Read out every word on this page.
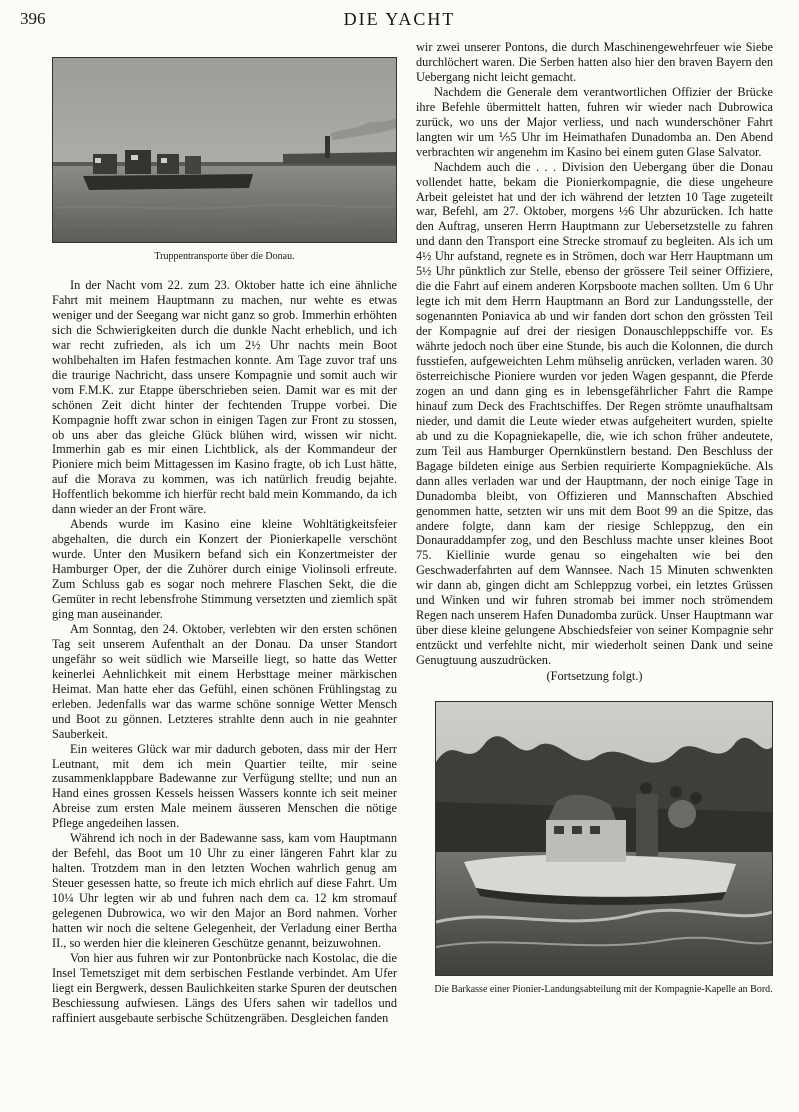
396	DIE YACHT
Truppentransporte über die Donau.

In der Nacht vom 22. zum 23. Oktober hatte ich eine ähnliche Fahrt mit meinem Hauptmann zu machen, nur wehte es etwas weniger und der Seegang war nicht ganz so grob. Immerhin erhöhten sich die Schwierigkeiten durch die dunkle Nacht erheblich, und ich war recht zufrieden, als ich um 2½ Uhr nachts mein Boot wohlbehalten im Hafen festmachen konnte. Am Tage zuvor traf uns die traurige Nachricht, dass unsere Kompagnie und somit auch wir vom F.M.K. zur Etappe überschrieben seien. Damit war es mit der schönen Zeit dicht hinter der fechtenden Truppe vorbei. Die Kompagnie hofft zwar schon in einigen Tagen zur Front zu stossen, ob uns aber das gleiche Glück blühen wird, wissen wir nicht. Immerhin gab es mir einen Lichtblick, als der Kommandeur der Pioniere mich beim Mittagessen im Kasino fragte, ob ich Lust hätte, auf die Morava zu kommen, was ich natürlich freudig bejahte. Hoffentlich bekomme ich hierfür recht bald mein Kommando, da ich dann wieder an der Front wäre.

Abends wurde im Kasino eine kleine Wohltätigkeitsfeier abgehalten, die durch ein Konzert der Pionierkapelle verschönt wurde. Unter den Musikern befand sich ein Konzertmeister der Hamburger Oper, der die Zuhörer durch einige Violinsoli erfreute. Zum Schluss gab es sogar noch mehrere Flaschen Sekt, die die Gemüter in recht lebensfrohe Stimmung versetzten und ziemlich spät ging man auseinander.

Am Sonntag, den 24. Oktober, verlebten wir den ersten schönen Tag seit unserem Aufenthalt an der Donau. Da unser Standort ungefähr so weit südlich wie Marseille liegt, so hatte das Wetter keinerlei Aehnlichkeit mit einem Herbsttage meiner märkischen Heimat. Man hatte eher das Gefühl, einen schönen Frühlingstag zu erleben. Jedenfalls war das warme schöne sonnige Wetter Mensch und Boot zu gönnen. Letzteres strahlte denn auch in nie geahnter Sauberkeit.

Ein weiteres Glück war mir dadurch geboten, dass mir der Herr Leutnant, mit dem ich mein Quartier teilte, mir seine zusammenklappbare Badewanne zur Verfügung stellte; und nun an Hand eines grossen Kessels heissen Wassers konnte ich seit meiner Abreise zum ersten Male meinem äusseren Menschen die nötige Pflege angedeihen lassen.

Während ich noch in der Badewanne sass, kam vom Hauptmann der Befehl, das Boot um 10 Uhr zu einer längeren Fahrt klar zu halten. Trotzdem man in den letzten Wochen wahrlich genug am Steuer gesessen hatte, so freute ich mich ehrlich auf diese Fahrt. Um 10¼ Uhr legten wir ab und fuhren nach dem ca. 12 km stromauf gelegenen Dubrowica, wo wir den Major an Bord nahmen. Vorher hatten wir noch die seltene Gelegenheit, der Verladung einer Bertha II., so werden hier die kleineren Geschütze genannt, beizuwohnen.

Von hier aus fuhren wir zur Pontonbrücke nach Kostolac, die die Insel Temetsziget mit dem serbischen Festlande verbindet. Am Ufer liegt ein Bergwerk, dessen Baulichkeiten starke Spuren der deutschen Beschiessung aufwiesen. Längs des Ufers sahen wir tadellos und raffiniert ausgebaute serbische Schützengräben. Desgleichen fanden

wir zwei unserer Pontons, die durch Maschinengewehrfeuer wie Siebe durchlöchert waren. Die Serben hatten also hier den braven Bayern den Uebergang nicht leicht gemacht.

Nachdem die Generale dem verantwortlichen Offizier der Brücke ihre Befehle übermittelt hatten, fuhren wir wieder nach Dubrowica zurück, wo uns der Major verliess, und nach wunderschöner Fahrt langten wir um ⅕5 Uhr im Heimathafen Dunadomba an. Den Abend verbrachten wir angenehm im Kasino bei einem guten Glase Salvator.

Nachdem auch die . . . Division den Uebergang über die Donau vollendet hatte, bekam die Pionierkompagnie, die diese ungeheure Arbeit geleistet hat und der ich während der letzten 10 Tage zugeteilt war, Befehl, am 27. Oktober, morgens ½6 Uhr abzurücken. Ich hatte den Auftrag, unseren Herrn Hauptmann zur Uebersetzstelle zu fahren und dann den Transport eine Strecke stromauf zu begleiten. Als ich um 4½ Uhr aufstand, regnete es in Strömen, doch war Herr Hauptmann um 5½ Uhr pünktlich zur Stelle, ebenso der grössere Teil seiner Offiziere, die die Fahrt auf einem anderen Korpsboote machen sollten. Um 6 Uhr legte ich mit dem Herrn Hauptmann an Bord zur Landungsstelle, der sogenannten Poniavica ab und wir fanden dort schon den grössten Teil der Kompagnie auf drei der riesigen Donauschleppschiffe vor. Es währte jedoch noch über eine Stunde, bis auch die Kolonnen, die durch fusstiefen, aufgeweichten Lehm mühselig anrücken, verladen waren. 30 österreichische Pioniere wurden vor jeden Wagen gespannt, die Pferde zogen an und dann ging es in lebensgefährlicher Fahrt die Rampe hinauf zum Deck des Frachtschiffes. Der Regen strömte unaufhaltsam nieder, und damit die Leute wieder etwas aufgeheitert wurden, spielte ab und zu die Kopagniekapelle, die, wie ich schon früher andeutete, zum Teil aus Hamburger Opernkünstlern bestand. Den Beschluss der Bagage bildeten einige aus Serbien requirierte Kompagnieküche. Als dann alles verladen war und der Hauptmann, der noch einige Tage in Dunadomba bleibt, von Offizieren und Mannschaften Abschied genommen hatte, setzten wir uns mit dem Boot 99 an die Spitze, das andere folgte, dann kam der riesige Schleppzug, den ein Donauraddampfer zog, und den Beschluss machte unser kleines Boot 75. Kiellinie wurde genau so eingehalten wie bei den Geschwaderfahrten auf dem Wannsee. Nach 15 Minuten schwenkten wir dann ab, gingen dicht am Schleppzug vorbei, ein letztes Grüssen und Winken und wir fuhren stromab bei immer noch strömendem Regen nach unserem Hafen Dunadomba zurück. Unser Hauptmann war über diese kleine gelungene Abschiedsfeier von seiner Kompagnie sehr entzückt und verfehlte nicht, mir wiederholt seinen Dank und seine Genugtuung auszudrücken.

(Fortsetzung folgt.)
Die Barkasse einer Pionier-Landungsabteilung mit der Kompagnie-Kapelle an Bord.
